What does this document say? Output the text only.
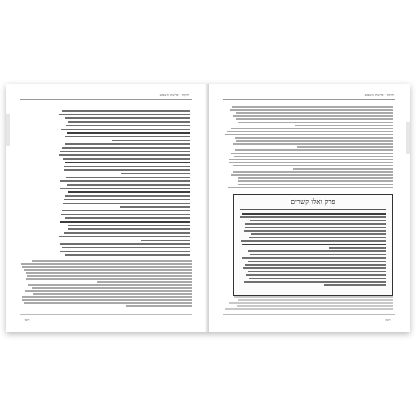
חוקת · פרשת השבוע
רטו
חוקת · פרשת השבוע
פרק ואלו קשרים
רטז
